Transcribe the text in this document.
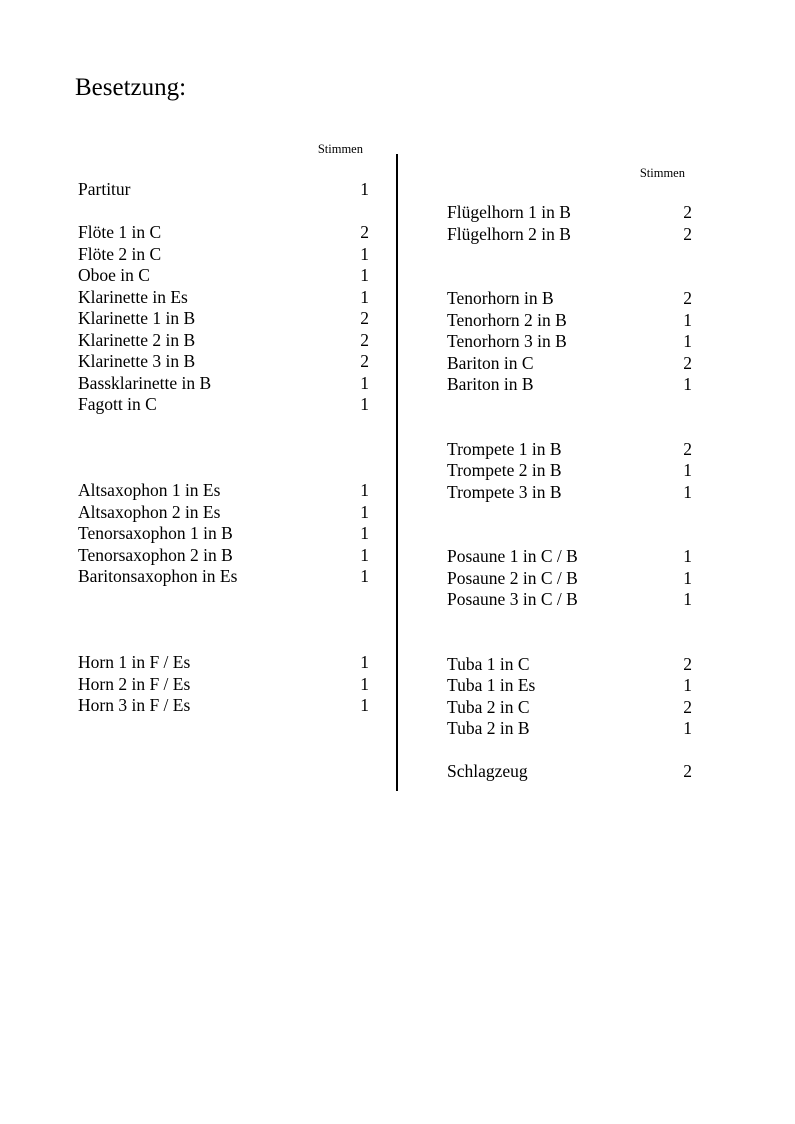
Besetzung:
Stimmen
Partitur	1
Flöte 1 in C	2
Flöte 2 in C	1
Oboe in C	1
Klarinette in Es	1
Klarinette 1 in B	2
Klarinette 2 in B	2
Klarinette 3 in B	2
Bassklarinette in B	1
Fagott in C	1
Altsaxophon 1 in Es	1
Altsaxophon 2 in Es	1
Tenorsaxophon 1 in B	1
Tenorsaxophon 2 in B	1
Baritonsaxophon in Es	1
Horn 1 in F / Es	1
Horn 2 in F / Es	1
Horn 3 in F / Es	1
Stimmen
Flügelhorn 1 in B	2
Flügelhorn 2 in B	2
Tenorhorn in B	2
Tenorhorn 2 in B	1
Tenorhorn 3 in B	1
Bariton in C	2
Bariton in B	1
Trompete 1 in B	2
Trompete 2 in B	1
Trompete 3 in B	1
Posaune 1 in C / B	1
Posaune 2 in C / B	1
Posaune 3 in C / B	1
Tuba 1 in C	2
Tuba 1 in Es	1
Tuba 2 in C	2
Tuba 2 in B	1
Schlagzeug	2
